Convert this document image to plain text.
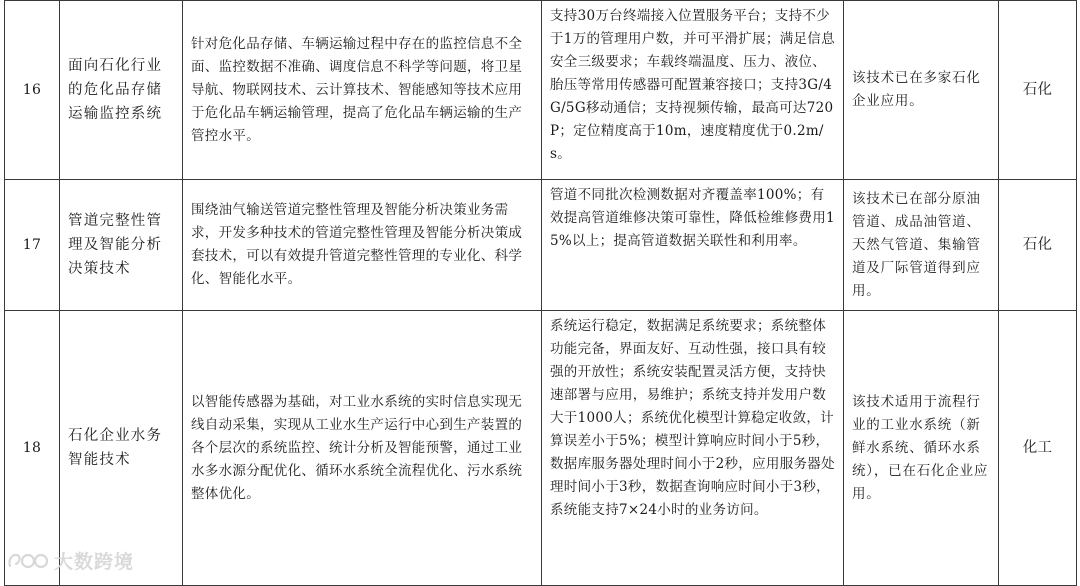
16	面向石化行业的危化品存储运输监控系统	针对危化品存储、车辆运输过程中存在的监控信息不全面、监控数据不准确、调度信息不科学等问题，将卫星导航、物联网技术、云计算技术、智能感知等技术应用于危化品车辆运输管理，提高了危化品车辆运输的生产管控水平。	支持30万台终端接入位置服务平台；支持不少于1万的管理用户数，并可平滑扩展；满足信息安全三级要求；车载终端温度、压力、液位、胎压等常用传感器可配置兼容接口；支持3G/4G/5G移动通信；支持视频传输，最高可达720P；定位精度高于10m，速度精度优于0.2m/s。	该技术已在多家石化企业应用。	石化
17	管道完整性管理及智能分析决策技术	围绕油气输送管道完整性管理及智能分析决策业务需求，开发多种技术的管道完整性管理及智能分析决策成套技术，可以有效提升管道完整性管理的专业化、科学化、智能化水平。	管道不同批次检测数据对齐覆盖率100%；有效提高管道维修决策可靠性，降低检维修费用15%以上；提高管道数据关联性和利用率。	该技术已在部分原油管道、成品油管道、天然气管道、集输管道及厂际管道得到应用。	石化
18	石化企业水务智能技术	以智能传感器为基础，对工业水系统的实时信息实现无线自动采集，实现从工业水生产运行中心到生产装置的各个层次的系统监控、统计分析及智能预警，通过工业水多水源分配优化、循环水系统全流程优化、污水系统整体优化。	系统运行稳定，数据满足系统要求；系统整体功能完备，界面友好、互动性强，接口具有较强的开放性；系统安装配置灵活方便，支持快速部署与应用，易维护；系统支持并发用户数大于1000人；系统优化模型计算稳定收敛，计算误差小于5%；模型计算响应时间小于5秒，数据库服务器处理时间小于2秒，应用服务器处理时间小于3秒，数据查询响应时间小于3秒，系统能支持7×24小时的业务访问。	该技术适用于流程行业的工业水系统（新鲜水系统、循环水系统），已在石化企业应用。	化工
大数跨境
